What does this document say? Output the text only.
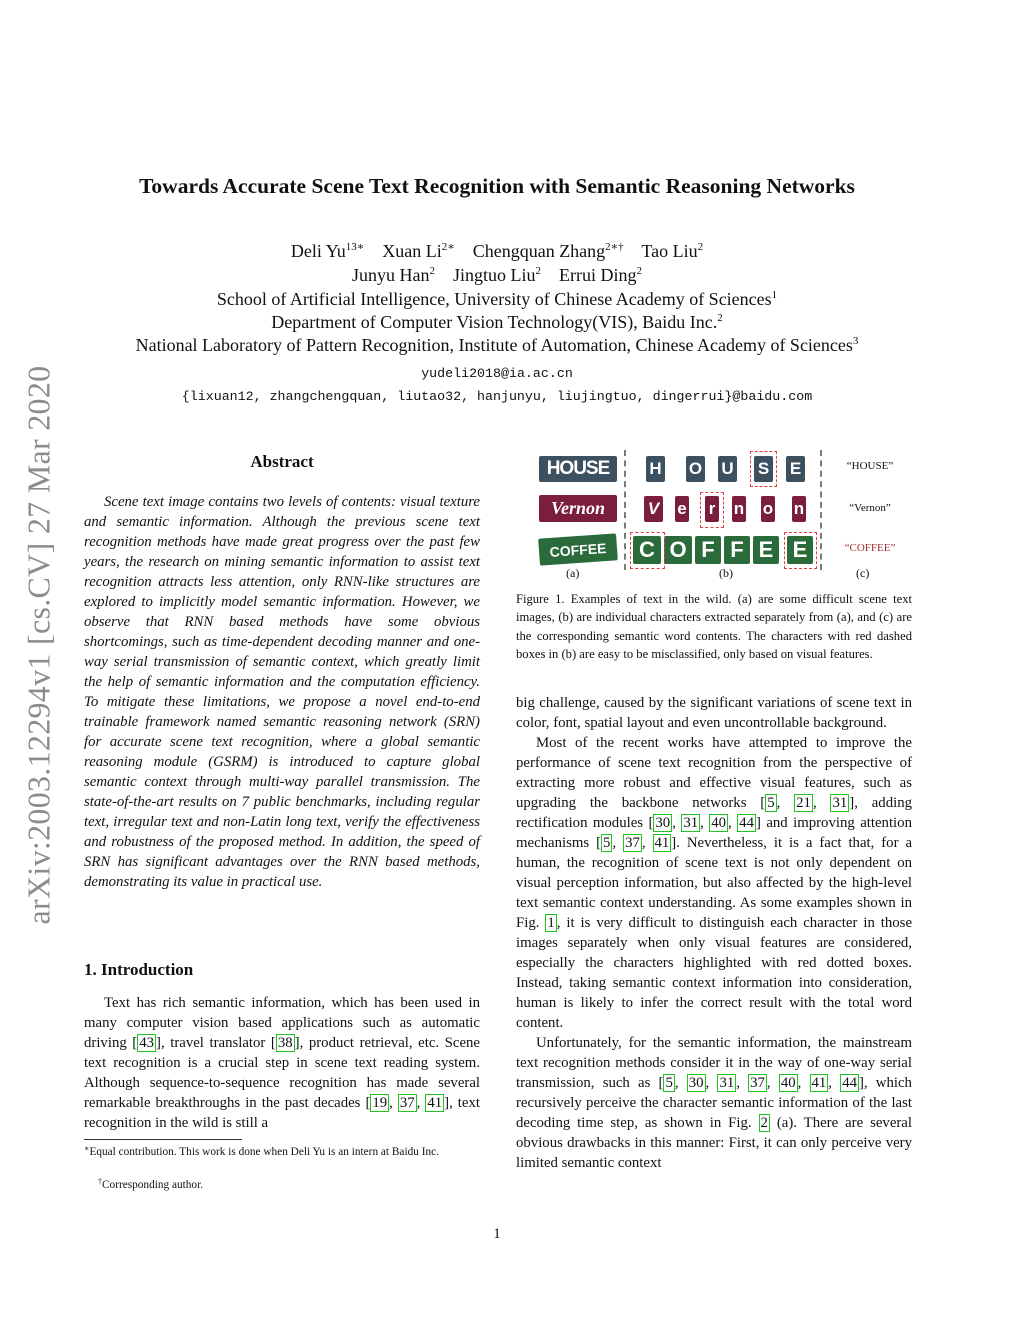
arXiv:2003.12294v1 [cs.CV] 27 Mar 2020
Towards Accurate Scene Text Recognition with Semantic Reasoning Networks
Deli $Yu^{13∗}$ Xuan $Li^{2∗}$ Chengquan Zhang$^{2∗\dagger}$ Tao Liu$^2$
Junyu Han$^2$ Jingtuo Liu$^2$ Errui Ding$^2$
School of Artificial Intelligence, University of Chinese Academy of Sciences$^1$
Department of Computer Vision Technology(VIS), Baidu Inc.$^2$
National Laboratory of Pattern Recognition, Institute of Automation, Chinese Academy of Sciences$^3$
yudeli2018@ia.ac.cn
{lixuan12, zhangchengquan, liutao32, hanjunyu, liujingtuo, dingerrui}@baidu.com
Abstract
Scene text image contains two levels of contents: visual texture and semantic information. Although the previous scene text recognition methods have made great progress over the past few years, the research on mining semantic information to assist text recognition attracts less attention, only RNN-like structures are explored to implicitly model semantic information. However, we observe that RNN based methods have some obvious shortcomings, such as time-dependent decoding manner and one-way serial transmission of semantic context, which greatly limit the help of semantic information and the computation efficiency. To mitigate these limitations, we propose a novel end-to-end trainable framework named semantic reasoning network (SRN) for accurate scene text recognition, where a global semantic reasoning module (GSRM) is introduced to capture global semantic context through multi-way parallel transmission. The state-of-the-art results on 7 public benchmarks, including regular text, irregular text and non-Latin long text, verify the effectiveness and robustness of the proposed method. In addition, the speed of SRN has significant advantages over the RNN based methods, demonstrating its value in practical use.
1. Introduction

Text has rich semantic information, which has been used in many computer vision based applications such as automatic driving [ 43 ], travel translator [ 38 ], product retrieval, etc. Scene text recognition is a crucial step in scene text reading system. Although sequence-to-sequence recognition has made several remarkable breakthroughs in the past decades [ 19 , 37 , 41 ], text recognition in the wild is still a

∗Equal contribution. This work is done when Deli Yu is an intern at Baidu Inc.
†Corresponding author.
HOUSE
Vernon
COFFEE
H O U S E
V e r n o n
C O F F E E
“HOUSE”
“Vernon”
“COFFEE”
(a)	(b)	(c)
Figure 1. Examples of text in the wild. (a) are some difficult scene text images, (b) are individual characters extracted separately from (a), and (c) are the corresponding semantic word contents. The characters with red dashed boxes in (b) are easy to be misclassified, only based on visual features.

big challenge, caused by the significant variations of scene text in color, font, spatial layout and even uncontrollable background.

Most of the recent works have attempted to improve the performance of scene text recognition from the perspective of extracting more robust and effective visual features, such as upgrading the backbone networks [ 5 , 21 , 31 ], adding rectification modules [ 30 , 31 , 40 , 44 ] and improving attention mechanisms [ 5 , 37 , 41 ]. Nevertheless, it is a fact that, for a human, the recognition of scene text is not only dependent on visual perception information, but also affected by the high-level text semantic context understanding. As some examples shown in Fig. 1 , it is very difficult to distinguish each character in those images separately when only visual features are considered, especially the characters highlighted with red dotted boxes. Instead, taking semantic context information into consideration, human is likely to infer the correct result with the total word content.

Unfortunately, for the semantic information, the mainstream text recognition methods consider it in the way of one-way serial transmission, such as [ 5 , 30 , 31 , 37 , 40 , 41 , 44 ], which recursively perceive the character semantic information of the last decoding time step, as shown in Fig. 2 (a). There are several obvious drawbacks in this manner: First, it can only perceive very limited semantic context

1
